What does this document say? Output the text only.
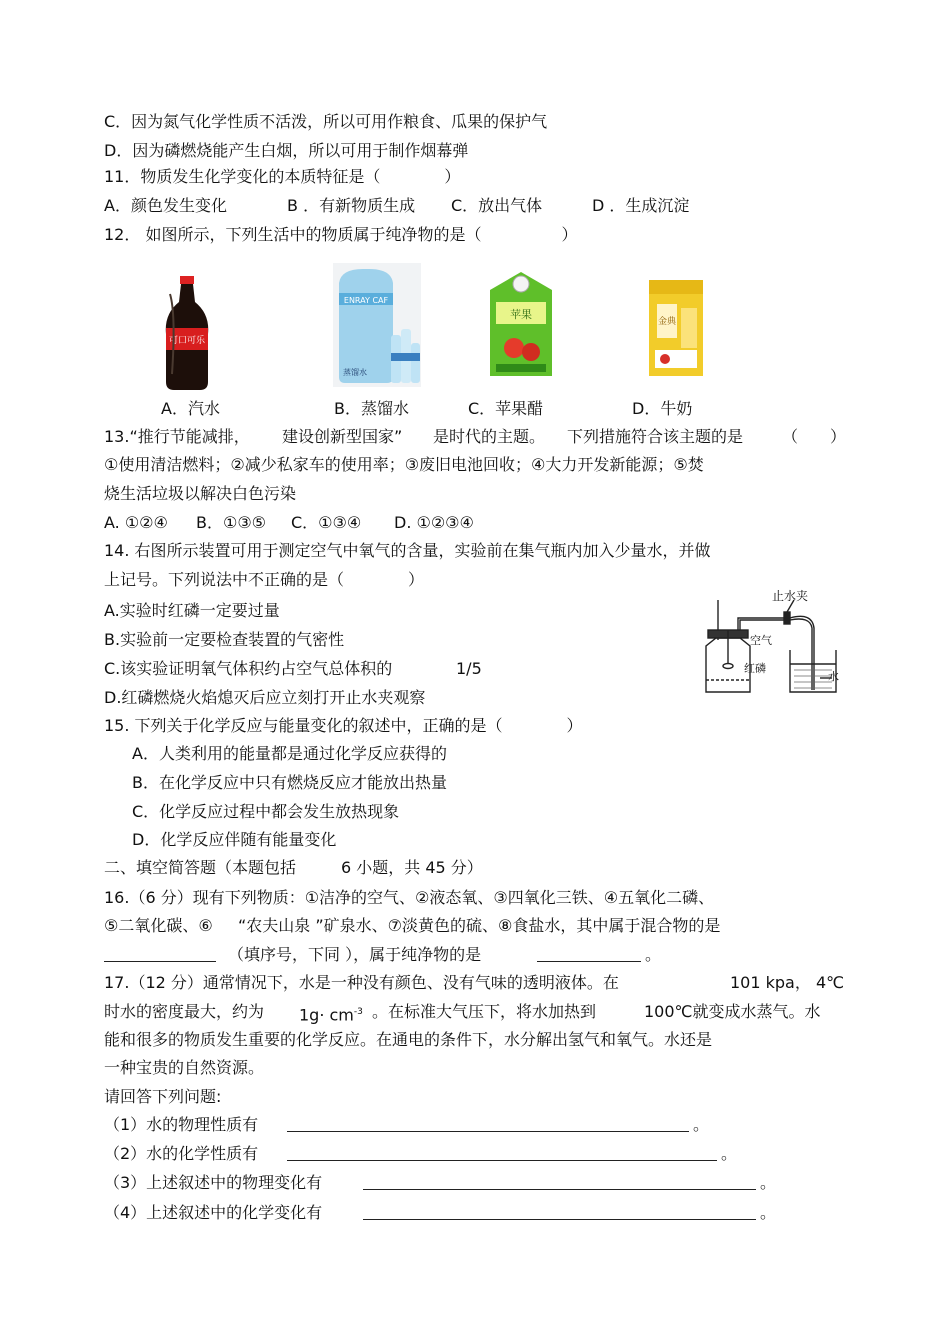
C．因为氮气化学性质不活泼，所以可用作粮食、瓜果的保护气
D．因为磷燃烧能产生白烟，所以可用于制作烟幕弹
11．物质发生化学变化的本质特征是（　　　　）
A．颜色发生变化	B ．有新物质生成 C．放出气体	D ．生成沉淀
12． 如图所示，下列生活中的物质属于纯净物的是（　　　　　）
可口可乐
ENRAY CAF
蒸馏水
苹果
金典
A．汽水	B．蒸馏水	C．苹果醋	D．牛奶
13.“推行节能减排， 建设创新型国家” 是时代的主题。 下列措施符合该主题的是 （　　）
①使用清洁燃料；②减少私家车的使用率；③废旧电池回收；④大力开发新能源；⑤焚
烧生活垃圾以解决白色污染
A. ①②④ B．①③⑤ C．①③④ D. ①②③④
14. 右图所示装置可用于测定空气中氧气的含量，实验前在集气瓶内加入少量水，并做
上记号。下列说法中不正确的是（　　　　）
A.实验时红磷一定要过量
B.实验前一定要检查装置的气密性
C.该实验证明氧气体积约占空气总体积的	1/5
D.红磷燃烧火焰熄灭后应立刻打开止水夹观察
止水夹
空气
红磷
水
15. 下列关于化学反应与能量变化的叙述中，正确的是（　　　　）
A．人类利用的能量都是通过化学反应获得的
B．在化学反应中只有燃烧反应才能放出热量
C．化学反应过程中都会发生放热现象
D．化学反应伴随有能量变化
二、填空简答题（本题包括	6 小题，共 45 分）
16.（6 分）现有下列物质：①洁净的空气、②液态氧、③四氧化三铁、④五氧化二磷、
⑤二氧化碳、⑥ “农夫山泉 ”矿泉水、⑦淡黄色的硫、⑧食盐水，其中属于混合物的是
（填序号，下同 ），属于纯净物的是	。
17.（12 分）通常情况下，水是一种没有颜色、没有气味的透明液体。在	101 kpa， 4℃
时水的密度最大，约为 $1g\cdot cm^{-3}$ 。在标准大气压下，将水加热到	100℃就变成水蒸气。水
能和很多的物质发生重要的化学反应。在通电的条件下，水分解出氢气和氧气。水还是
一种宝贵的自然资源。
请回答下列问题:
（1）水的物理性质有	。
（2）水的化学性质有	。
（3）上述叙述中的物理变化有	。
（4）上述叙述中的化学变化有	。
